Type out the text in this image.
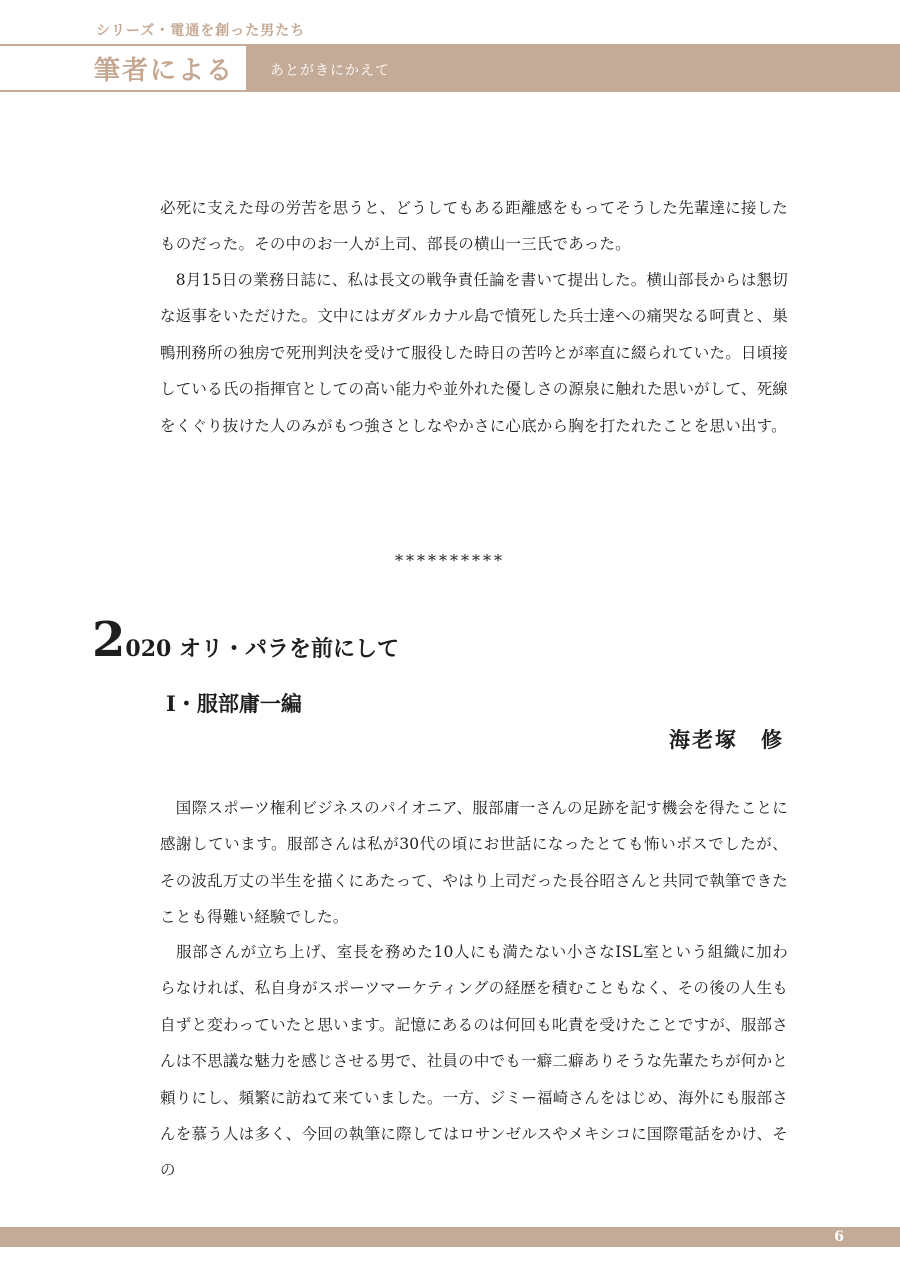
シリーズ・電通を創った男たち
筆者による	あとがきにかえて

必死に支えた母の労苦を思うと、どうしてもある距離感をもってそうした先輩達に接したものだった。その中のお一人が上司、部長の横山一三氏であった。

　8月15日の業務日誌に、私は長文の戦争責任論を書いて提出した。横山部長からは懇切な返事をいただけた。文中にはガダルカナル島で憤死した兵士達への痛哭なる呵責と、巣鴨刑務所の独房で死刑判決を受けて服役した時日の苦吟とが率直に綴られていた。日頃接している氏の指揮官としての高い能力や並外れた優しさの源泉に触れた思いがして、死線をくぐり抜けた人のみがもつ強さとしなやかさに心底から胸を打たれたことを思い出す。

**********
2020 オリ・パラを前にして
Ⅰ・服部庸一編
海老塚　修

　国際スポーツ権利ビジネスのパイオニア、服部庸一さんの足跡を記す機会を得たことに感謝しています。服部さんは私が30代の頃にお世話になったとても怖いボスでしたが、その波乱万丈の半生を描くにあたって、やはり上司だった長谷昭さんと共同で執筆できたことも得難い経験でした。

　服部さんが立ち上げ、室長を務めた10人にも満たない小さなISL室という組織に加わらなければ、私自身がスポーツマーケティングの経歴を積むこともなく、その後の人生も自ずと変わっていたと思います。記憶にあるのは何回も叱責を受けたことですが、服部さんは不思議な魅力を感じさせる男で、社員の中でも一癖二癖ありそうな先輩たちが何かと頼りにし、頻繁に訪ねて来ていました。一方、ジミー福崎さんをはじめ、海外にも服部さんを慕う人は多く、今回の執筆に際してはロサンゼルスやメキシコに国際電話をかけ、その

6
